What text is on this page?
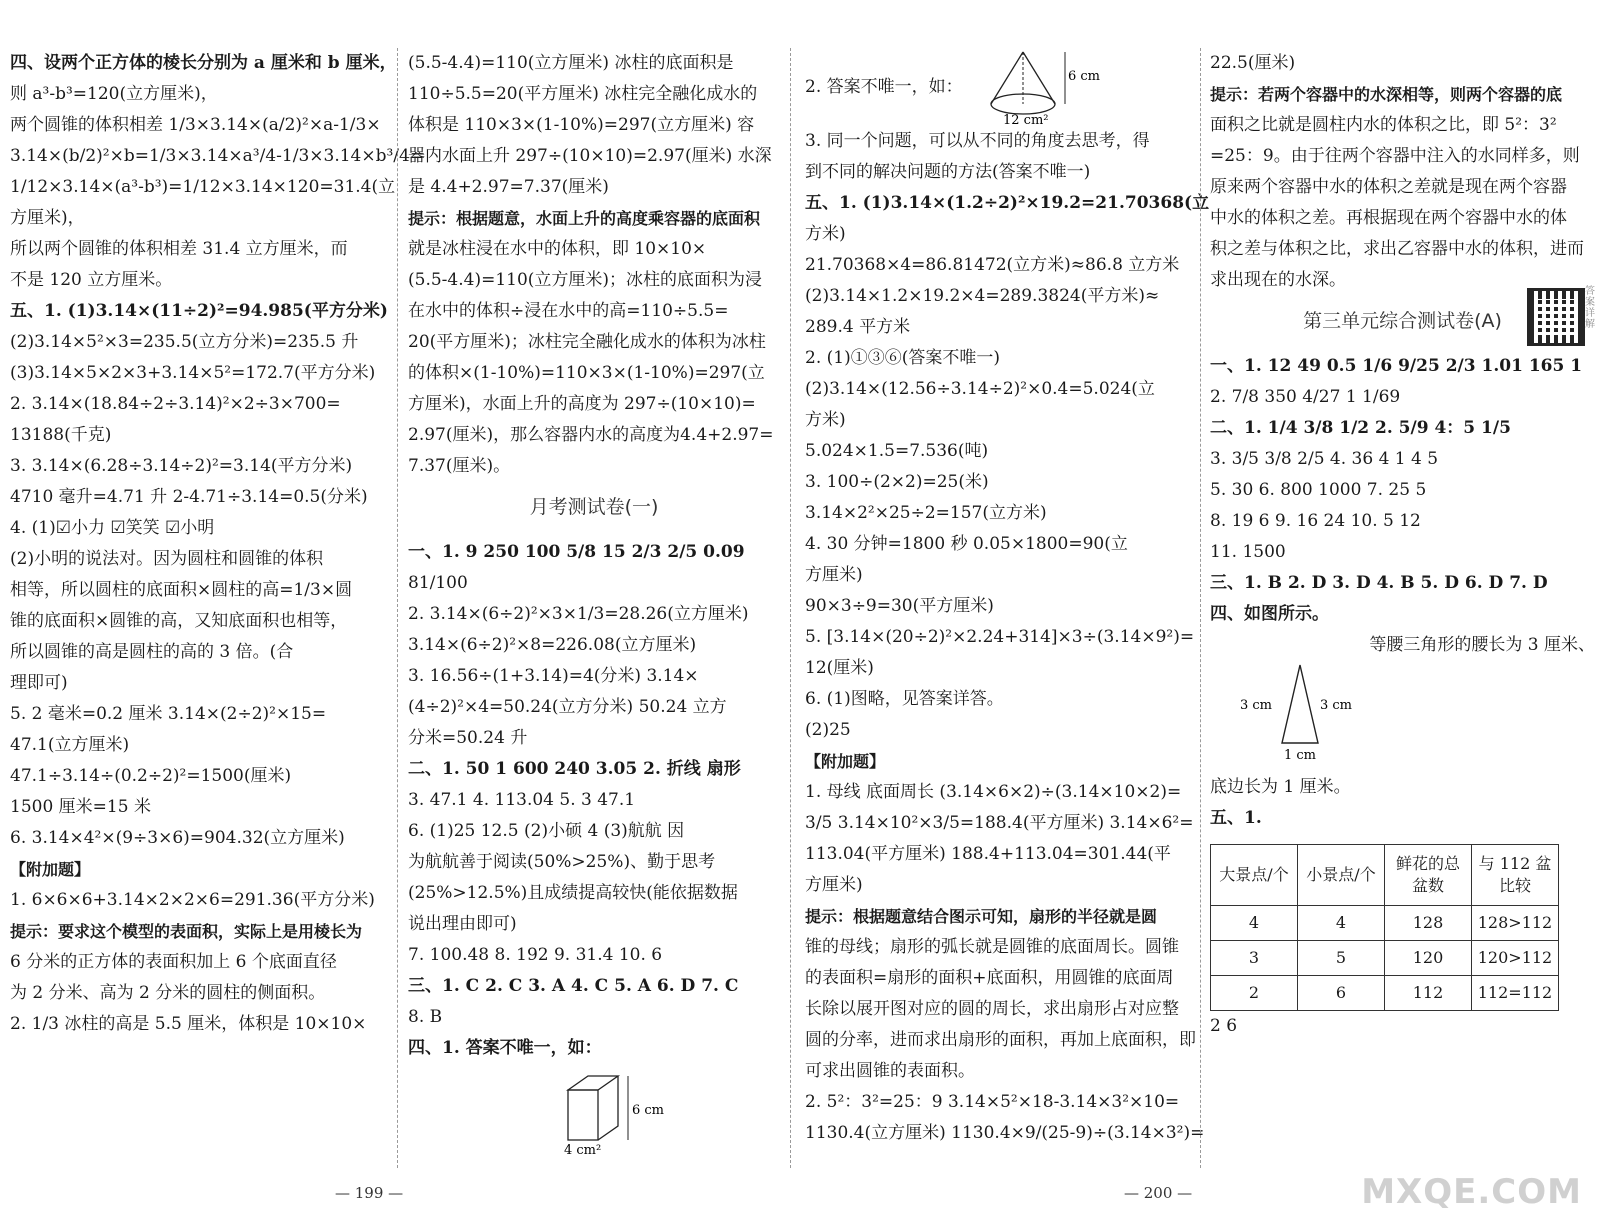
四、设两个正方体的棱长分别为 a 厘米和 b 厘米，

则 a³-b³=120(立方厘米)，

两个圆锥的体积相差 1/3×3.14×(a/2)²×a-1/3×

3.14×(b/2)²×b=1/3×3.14×a³/4-1/3×3.14×b³/4=

1/12×3.14×(a³-b³)=1/12×3.14×120=31.4(立

方厘米)，

所以两个圆锥的体积相差 31.4 立方厘米，而

不是 120 立方厘米。

五、1. (1)3.14×(11÷2)²=94.985(平方分米)

(2)3.14×5²×3=235.5(立方分米)=235.5 升

(3)3.14×5×2×3+3.14×5²=172.7(平方分米)

2. 3.14×(18.84÷2÷3.14)²×2÷3×700=

13188(千克)

3. 3.14×(6.28÷3.14÷2)²=3.14(平方分米)

4710 毫升=4.71 升 2-4.71÷3.14=0.5(分米)

4. (1)☑小力 ☑笑笑 ☑小明

(2)小明的说法对。因为圆柱和圆锥的体积

相等，所以圆柱的底面积×圆柱的高=1/3×圆

锥的底面积×圆锥的高，又知底面积也相等，

所以圆锥的高是圆柱的高的 3 倍。(合

理即可)

5. 2 毫米=0.2 厘米 3.14×(2÷2)²×15=

47.1(立方厘米)

47.1÷3.14÷(0.2÷2)²=1500(厘米)

1500 厘米=15 米

6. 3.14×4²×(9÷3×6)=904.32(立方厘米)

【附加题】

1. 6×6×6+3.14×2×2×6=291.36(平方分米)

提示：要求这个模型的表面积，实际上是用棱长为

6 分米的正方体的表面积加上 6 个底面直径

为 2 分米、高为 2 分米的圆柱的侧面积。

2. 1/3 冰柱的高是 5.5 厘米，体积是 10×10×

(5.5-4.4)=110(立方厘米) 冰柱的底面积是

110÷5.5=20(平方厘米) 冰柱完全融化成水的

体积是 110×3×(1-10%)=297(立方厘米) 容

器内水面上升 297÷(10×10)=2.97(厘米) 水深

是 4.4+2.97=7.37(厘米)

提示：根据题意，水面上升的高度乘容器的底面积

就是冰柱浸在水中的体积，即 10×10×

(5.5-4.4)=110(立方厘米)；冰柱的底面积为浸

在水中的体积÷浸在水中的高=110÷5.5=

20(平方厘米)；冰柱完全融化成水的体积为冰柱

的体积×(1-10%)=110×3×(1-10%)=297(立

方厘米)，水面上升的高度为 297÷(10×10)=

2.97(厘米)，那么容器内水的高度为4.4+2.97=

7.37(厘米)。

月考测试卷(一)

一、1. 9 250 100 5/8 15 2/3 2/5 0.09

81/100

2. 3.14×(6÷2)²×3×1/3=28.26(立方厘米)

3.14×(6÷2)²×8=226.08(立方厘米)

3. 16.56÷(1+3.14)=4(分米) 3.14×

(4÷2)²×4=50.24(立方分米) 50.24 立方

分米=50.24 升

二、1. 50 1 600 240 3.05 2. 折线 扇形

3. 47.1 4. 113.04 5. 3 47.1

6. (1)25 12.5 (2)小硕 4 (3)航航 因

为航航善于阅读(50%>25%)、勤于思考

(25%>12.5%)且成绩提高较快(能依据数据

说出理由即可)

7. 100.48 8. 192 9. 31.4 10. 6

三、1. C 2. C 3. A 4. C 5. A 6. D 7. C

8. B

四、1. 答案不唯一，如：

6 cm
4 cm²

2. 答案不唯一，如：	6 cm
12 cm²

3. 同一个问题，可以从不同的角度去思考，得

到不同的解决问题的方法(答案不唯一)

五、1. (1)3.14×(1.2÷2)²×19.2=21.70368(立

方米)

21.70368×4=86.81472(立方米)≈86.8 立方米

(2)3.14×1.2×19.2×4=289.3824(平方米)≈

289.4 平方米

2. (1)①③⑥(答案不唯一)

(2)3.14×(12.56÷3.14÷2)²×0.4=5.024(立

方米)

5.024×1.5=7.536(吨)

3. 100÷(2×2)=25(米)

3.14×2²×25÷2=157(立方米)

4. 30 分钟=1800 秒 0.05×1800=90(立

方厘米)

90×3÷9=30(平方厘米)

5. [3.14×(20÷2)²×2.24+314]×3÷(3.14×9²)=

12(厘米)

6. (1)图略，见答案详答。

(2)25

【附加题】

1. 母线 底面周长 (3.14×6×2)÷(3.14×10×2)=

3/5 3.14×10²×3/5=188.4(平方厘米) 3.14×6²=

113.04(平方厘米) 188.4+113.04=301.44(平

方厘米)

提示：根据题意结合图示可知，扇形的半径就是圆

锥的母线；扇形的弧长就是圆锥的底面周长。圆锥

的表面积=扇形的面积+底面积，用圆锥的底面周

长除以展开图对应的圆的周长，求出扇形占对应整

圆的分率，进而求出扇形的面积，再加上底面积，即

可求出圆锥的表面积。

2. 5²：3²=25：9 3.14×5²×18-3.14×3²×10=

1130.4(立方厘米) 1130.4×9/(25-9)÷(3.14×3²)=

22.5(厘米)

提示：若两个容器中的水深相等，则两个容器的底

面积之比就是圆柱内水的体积之比，即 5²：3²

=25：9。由于往两个容器中注入的水同样多，则

原来两个容器中水的体积之差就是现在两个容器

中水的体积之差。再根据现在两个容器中水的体

积之差与体积之比，求出乙容器中水的体积，进而

求出现在的水深。

第三单元综合测试卷(A)
答案详解

一、1. 12 49 0.5 1/6 9/25 2/3 1.01 165 1

2. 7/8 350 4/27 1 1/69

二、1. 1/4 3/8 1/2 2. 5/9 4：5 1/5

3. 3/5 3/8 2/5 4. 36 4 1 4 5

5. 30 6. 800 1000 7. 25 5

8. 19 6 9. 16 24 10. 5 12

11. 1500

三、1. B 2. D 3. D 4. B 5. D 6. D 7. D

四、如图所示。

等腰三角形的腰长为 3 厘米、

3 cm	3 cm
1 cm

底边长为 1 厘米。

五、1.

大景点/个	小景点/个	鲜花的总盆数	与 112 盆比较
4	4	128	128>112
3	5	120	120>112
2	6	112	112=112

2 6

— 199 —	— 200 —	MXQE.COM
